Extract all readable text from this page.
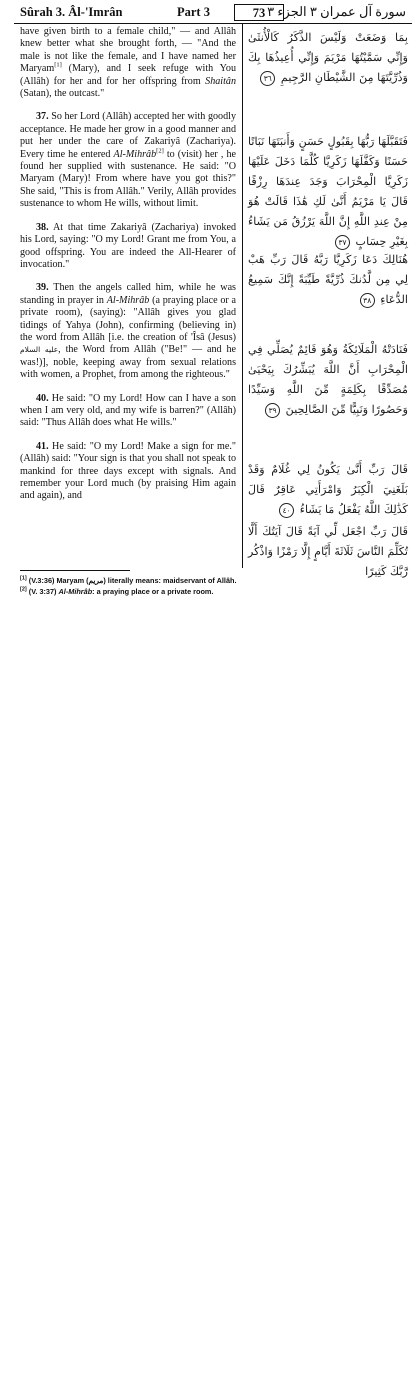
Sûrah 3. Âl-'Imrân	Part 3	73 سورة آل عمران ٣ الجزء ٣

have given birth to a female child," — and Allâh knew better what she brought forth, — "And the male is not like the female, and I have named her Maryam[1] (Mary), and I seek refuge with You (Allâh) for her and for her offspring from Shaitân (Satan), the outcast."

37. So her Lord (Allâh) accepted her with goodly acceptance. He made her grow in a good manner and put her under the care of Zakariyâ (Zachariya). Every time he entered Al-Mihrâb[2] to (visit) her , he found her supplied with sustenance. He said: "O Maryam (Mary)! From where have you got this?" She said, "This is from Allâh." Verily, Allâh provides sustenance to whom He wills, without limit.

38. At that time Zakariyâ (Zachariya) invoked his Lord, saying: "O my Lord! Grant me from You, a good offspring. You are indeed the All-Hearer of invocation."

39. Then the angels called him, while he was standing in prayer in Al-Mihrâb (a praying place or a private room), (saying): "Allâh gives you glad tidings of Yahya (John), confirming (believing in) the word from Allâh [i.e. the creation of 'Îsâ (Jesus) عليه السلام, the Word from Allâh ("Be!" — and he was!)], noble, keeping away from sexual relations with women, a Prophet, from among the righteous."

40. He said: "O my Lord! How can I have a son when I am very old, and my wife is barren?" (Allâh) said: "Thus Allâh does what He wills."

41. He said: "O my Lord! Make a sign for me." (Allâh) said: "Your sign is that you shall not speak to mankind for three days except with signals. And remember your Lord much (by praising Him again and again), and

بِمَا وَضَعَتْ وَلَيْسَ الذَّكَرُ كَالْأُنثَىٰ وَإِنِّي سَمَّيْتُهَا مَرْيَمَ وَإِنِّي أُعِيذُهَا بِكَ وَذُرِّيَّتَهَا مِنَ الشَّيْطَانِ الرَّجِيمِ ٣٦
فَتَقَبَّلَهَا رَبُّهَا بِقَبُولٍ حَسَنٍ وَأَنبَتَهَا نَبَاتًا حَسَنًا وَكَفَّلَهَا زَكَرِيَّا كُلَّمَا دَخَلَ عَلَيْهَا زَكَرِيَّا الْمِحْرَابَ وَجَدَ عِندَهَا رِزْقًا قَالَ يَا مَرْيَمُ أَنَّىٰ لَكِ هَٰذَا قَالَتْ هُوَ مِنْ عِندِ اللَّهِ إِنَّ اللَّهَ يَرْزُقُ مَن يَشَاءُ بِغَيْرِ حِسَابٍ ٣٧
هُنَالِكَ دَعَا زَكَرِيَّا رَبَّهُ قَالَ رَبِّ هَبْ لِي مِن لَّدُنكَ ذُرِّيَّةً طَيِّبَةً إِنَّكَ سَمِيعُ الدُّعَاءِ ٣٨
فَنَادَتْهُ الْمَلَائِكَةُ وَهُوَ قَائِمٌ يُصَلِّي فِي الْمِحْرَابِ أَنَّ اللَّهَ يُبَشِّرُكَ بِيَحْيَىٰ مُصَدِّقًا بِكَلِمَةٍ مِّنَ اللَّهِ وَسَيِّدًا وَحَصُورًا وَنَبِيًّا مِّنَ الصَّالِحِينَ ٣٩
قَالَ رَبِّ أَنَّىٰ يَكُونُ لِي غُلَامٌ وَقَدْ بَلَغَنِيَ الْكِبَرُ وَامْرَأَتِي عَاقِرٌ قَالَ كَذَٰلِكَ اللَّهُ يَفْعَلُ مَا يَشَاءُ ٤٠
قَالَ رَبِّ اجْعَل لِّي آيَةً قَالَ آيَتُكَ أَلَّا تُكَلِّمَ النَّاسَ ثَلَاثَةَ أَيَّامٍ إِلَّا رَمْزًا وَاذْكُر رَّبَّكَ كَثِيرًا
[1] (V.3:36) Maryam (مريم) literally means: maidservant of Allâh.
[2] (V. 3:37) Al-Mihrâb: a praying place or a private room.
